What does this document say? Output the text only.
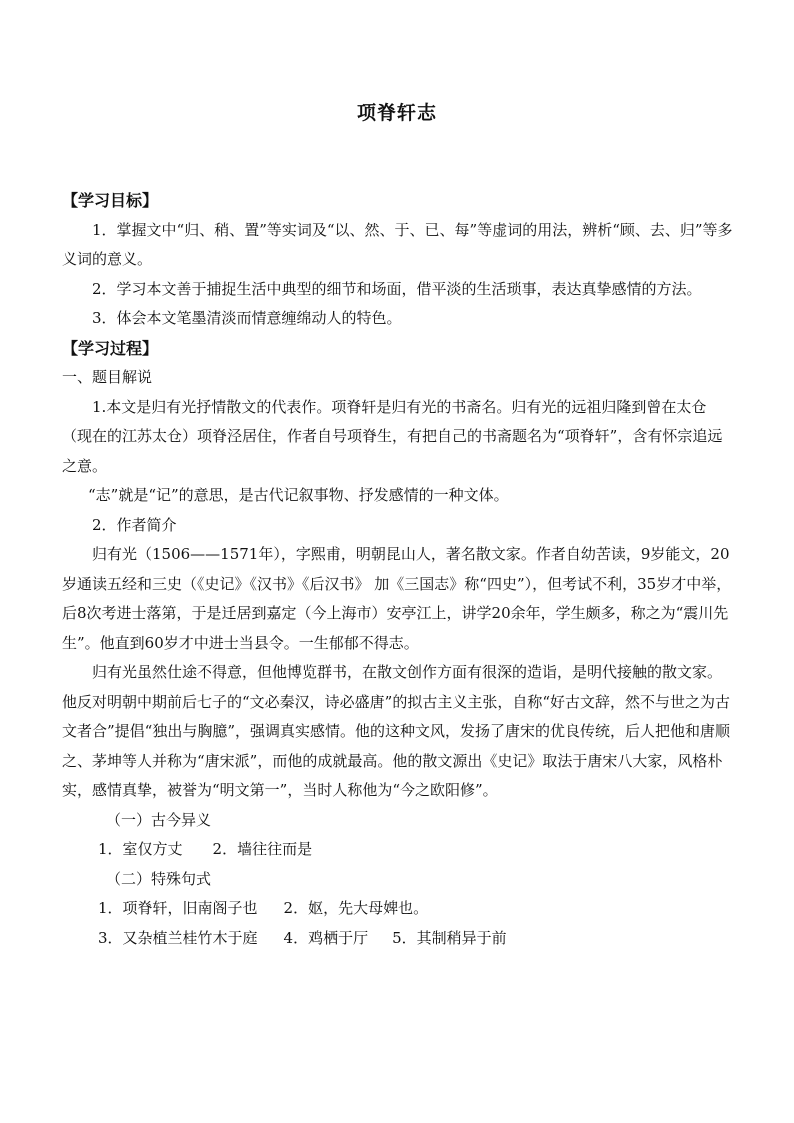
项脊轩志

【学习目标】

1．掌握文中“归、稍、置”等实词及“以、然、于、已、每”等虚词的用法，辨析“顾、去、归”等多义词的意义。

2．学习本文善于捕捉生活中典型的细节和场面，借平淡的生活琐事，表达真挚感情的方法。

3．体会本文笔墨清淡而情意缠绵动人的特色。

【学习过程】

一、题目解说

1.本文是归有光抒情散文的代表作。项脊轩是归有光的书斋名。归有光的远祖归隆到曾在太仓（现在的江苏太仓）项脊泾居住，作者自号项脊生，有把自己的书斋题名为“项脊轩”，含有怀宗追远之意。

“志”就是“记”的意思，是古代记叙事物、抒发感情的一种文体。

2．作者简介

归有光（1506——1571年），字熙甫，明朝昆山人，著名散文家。作者自幼苦读，9岁能文，20岁通读五经和三史（《史记》《汉书》《后汉书》 加《三国志》称“四史”），但考试不利，35岁才中举，后8次考进士落第，于是迁居到嘉定（今上海市）安亭江上，讲学20余年，学生颇多，称之为“震川先生”。他直到60岁才中进士当县令。一生郁郁不得志。

归有光虽然仕途不得意，但他博览群书，在散文创作方面有很深的造诣，是明代接触的散文家。他反对明朝中期前后七子的“文必秦汉，诗必盛唐”的拟古主义主张，自称“好古文辞，然不与世之为古文者合”提倡“独出与胸臆”，强调真实感情。他的这种文风，发扬了唐宋的优良传统，后人把他和唐顺之、茅坤等人并称为“唐宋派”，而他的成就最高。他的散文源出《史记》取法于唐宋八大家，风格朴实，感情真挚，被誉为“明文第一”，当时人称他为“今之欧阳修”。

（一）古今异义

1．室仅方丈 2．墙往往而是

（二）特殊句式

1．项脊轩，旧南阁子也 2．妪，先大母婢也。

3．又杂植兰桂竹木于庭 4．鸡栖于厅 5．其制稍异于前
